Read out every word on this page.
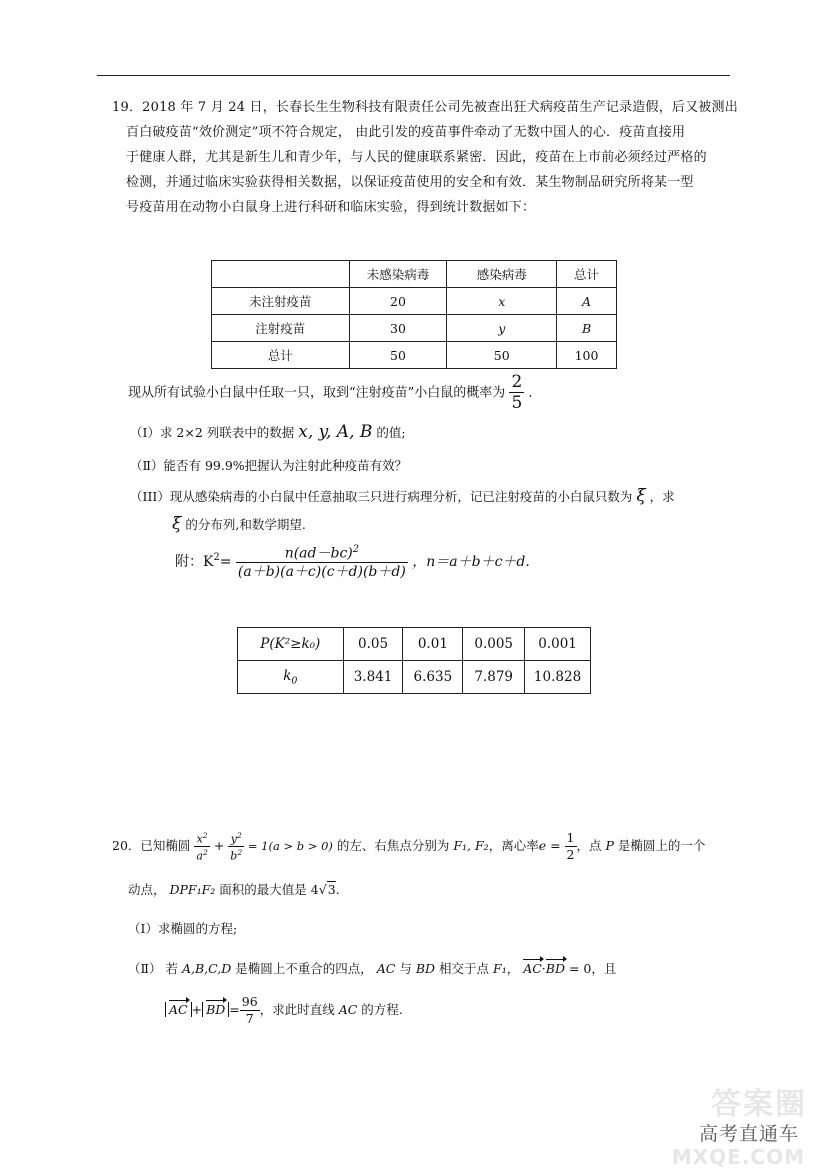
19．2018 年 7 月 24 日，长春长生生物科技有限责任公司先被查出狂犬病疫苗生产记录造假，后又被测出
百白破疫苗“效价测定”项不符合规定， 由此引发的疫苗事件牵动了无数中国人的心．疫苗直接用
于健康人群，尤其是新生儿和青少年，与人民的健康联系紧密．因此，疫苗在上市前必须经过严格的
检测，并通过临床实验获得相关数据，以保证疫苗使用的安全和有效．某生物制品研究所将某一型
号疫苗用在动物小白鼠身上进行科研和临床实验，得到统计数据如下：
	未感染病毒	感染病毒	总计
未注射疫苗	20	x	A
注射疫苗	30	y	B
总计	50	50	100
现从所有试验小白鼠中任取一只，取到“注射疫苗”小白鼠的概率为 $\frac{2}{5}$ ．
（Ⅰ）求 2×2 列联表中的数据 x, y, A, B 的值;
（Ⅱ）能否有 99.9%把握认为注射此种疫苗有效？
（III）现从感染病毒的小白鼠中任意抽取三只进行病理分析，记已注射疫苗的小白鼠只数为 ξ ，求
ξ 的分布列,和数学期望.
附：$K^2= \frac{n(ad-bc)^2}{(a+b)(a+c)(c+d)(b+d)}$ ，n＝a＋b＋c＋d.
P(K²≥k₀)	0.05	0.01	0.005	0.001
$k_0$	3.841	6.635	7.879	10.828
20．已知椭圆 $\frac{x^2}{a^2} + \frac{y^2}{b^2} = 1(a > b > 0)$ 的左、右焦点分别为 F₁, F₂，离心率$e = \frac{1}{2}$ ，点 P 是椭圆上的一个
动点， DPF₁F₂ 面积的最大值是 4√3.
（Ⅰ）求椭圆的方程;
（Ⅱ） 若 A,B,C,D 是椭圆上不重合的四点， AC 与 BD 相交于点 F₁， AC·BD = 0，且
AC + BD = $\frac{96}{7}$ ，求此时直线 AC 的方程.
答案圈
高考直通车
MXQE.COM
